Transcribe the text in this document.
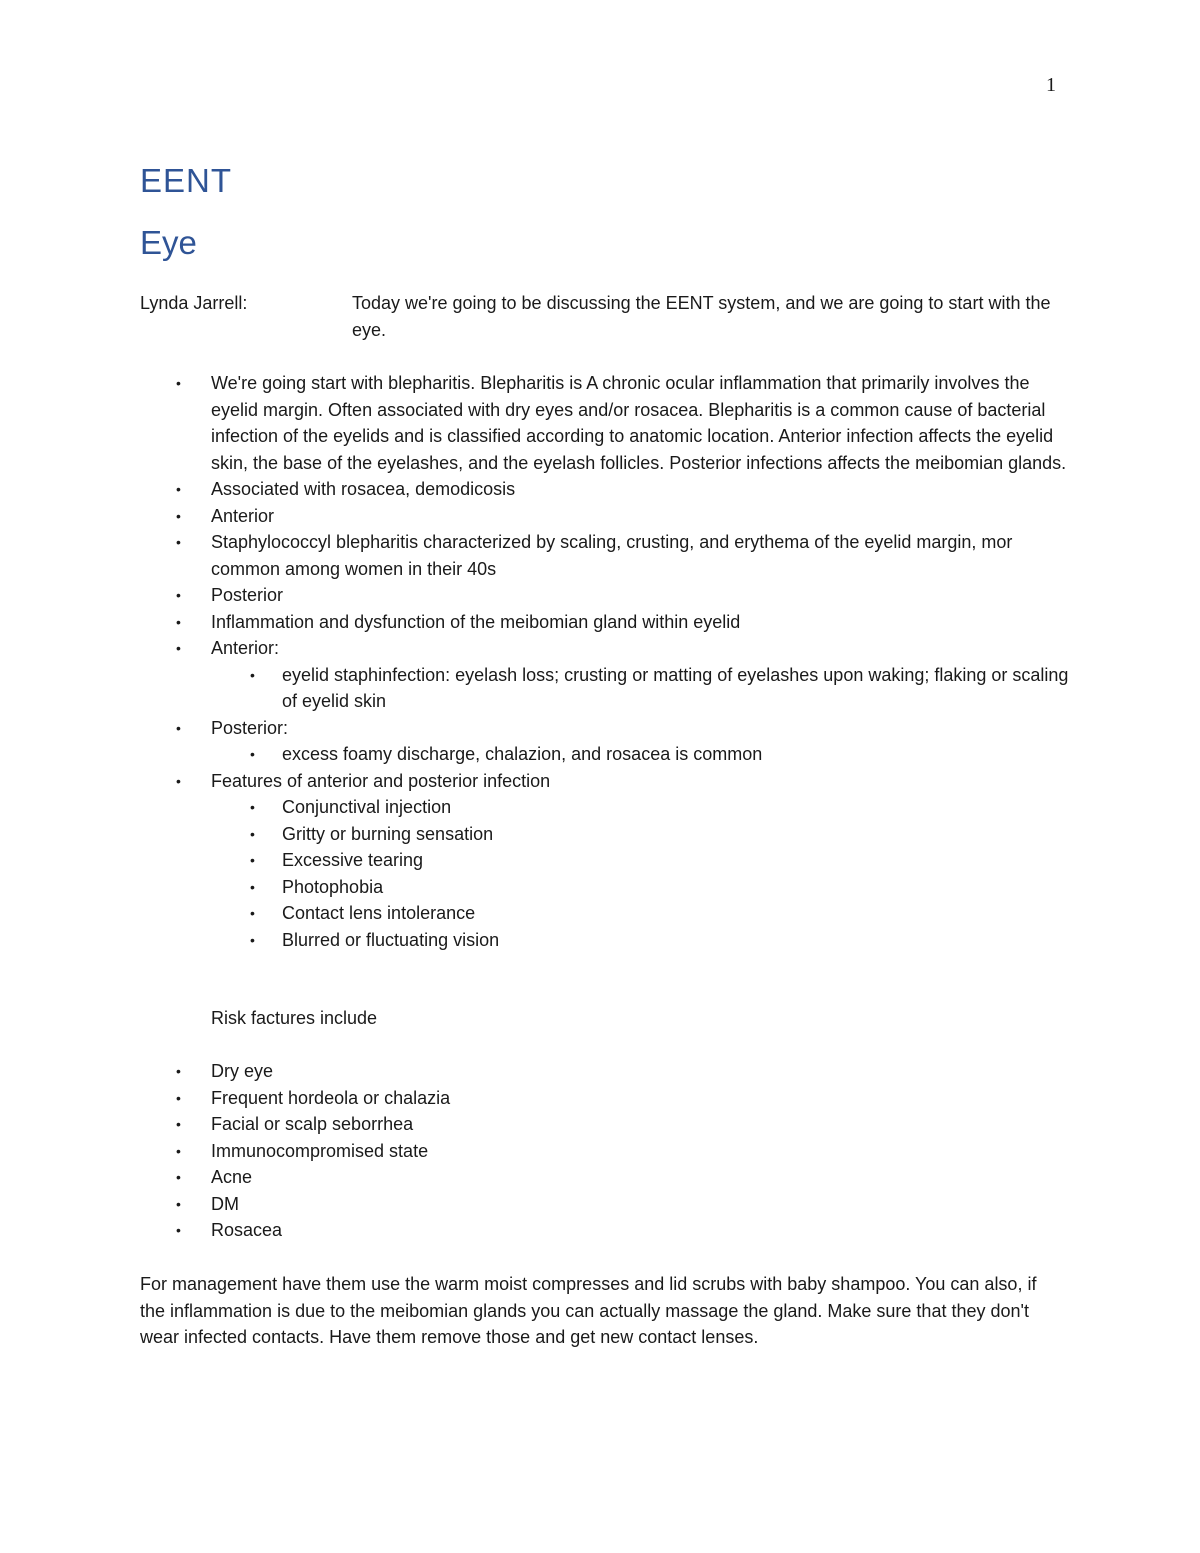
1
EENT
Eye
Lynda Jarrell:	Today we're going to be discussing the EENT system, and we are going to start with the eye.
• We're going start with blepharitis. Blepharitis is A chronic ocular inflammation that primarily involves the eyelid margin. Often associated with dry eyes and/or rosacea. Blepharitis is a common cause of bacterial infection of the eyelids and is classified according to anatomic location. Anterior infection affects the eyelid skin, the base of the eyelashes, and the eyelash follicles. Posterior infections affects the meibomian glands.
• Associated with rosacea, demodicosis
• Anterior
• Staphylococcyl blepharitis characterized by scaling, crusting, and erythema of the eyelid margin, mor common among women in their 40s
• Posterior
• Inflammation and dysfunction of the meibomian gland within eyelid
• Anterior:
• eyelid staphinfection: eyelash loss; crusting or matting of eyelashes upon waking; flaking or scaling of eyelid skin
• Posterior:
• excess foamy discharge, chalazion, and rosacea is common
• Features of anterior and posterior infection
• Conjunctival injection
• Gritty or burning sensation
• Excessive tearing
• Photophobia
• Contact lens intolerance
• Blurred or fluctuating vision
Risk factures include
• Dry eye
• Frequent hordeola or chalazia
• Facial or scalp seborrhea
• Immunocompromised state
• Acne
• DM
• Rosacea
For management have them use the warm moist compresses and lid scrubs with baby shampoo. You can also, if the inflammation is due to the meibomian glands you can actually massage the gland. Make sure that they don't wear infected contacts. Have them remove those and get new contact lenses.
